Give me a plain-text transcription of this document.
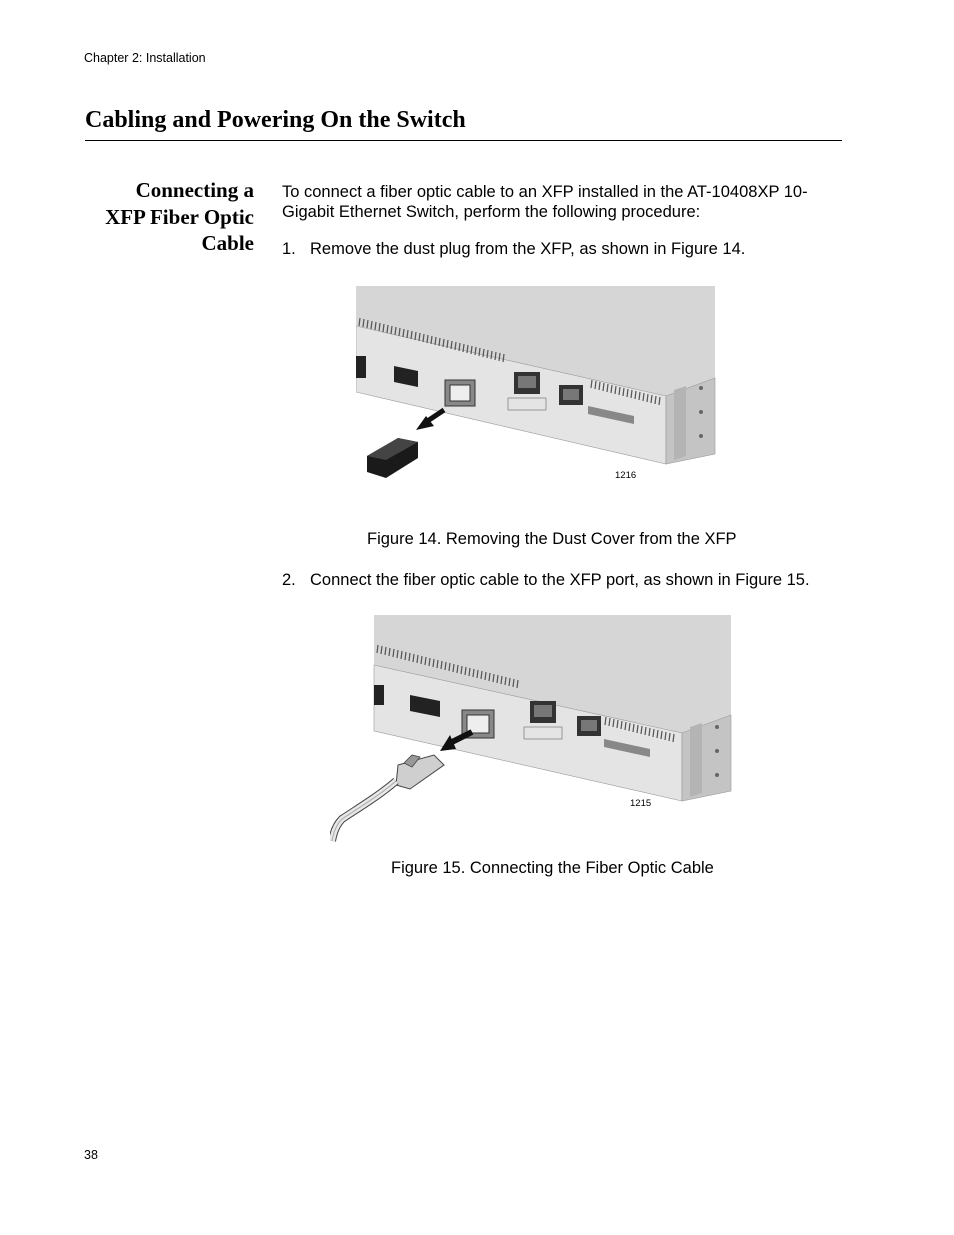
Chapter 2: Installation
Cabling and Powering On the Switch
Connecting a
XFP Fiber Optic
Cable

To connect a fiber optic cable to an XFP installed in the AT-10408XP 10-Gigabit Ethernet Switch, perform the following procedure:

1. Remove the dust plug from the XFP, as shown in Figure 14.
1216
Figure 14. Removing the Dust Cover from the XFP
2. Connect the fiber optic cable to the XFP port, as shown in Figure 15.
1215
Figure 15. Connecting the Fiber Optic Cable
38
